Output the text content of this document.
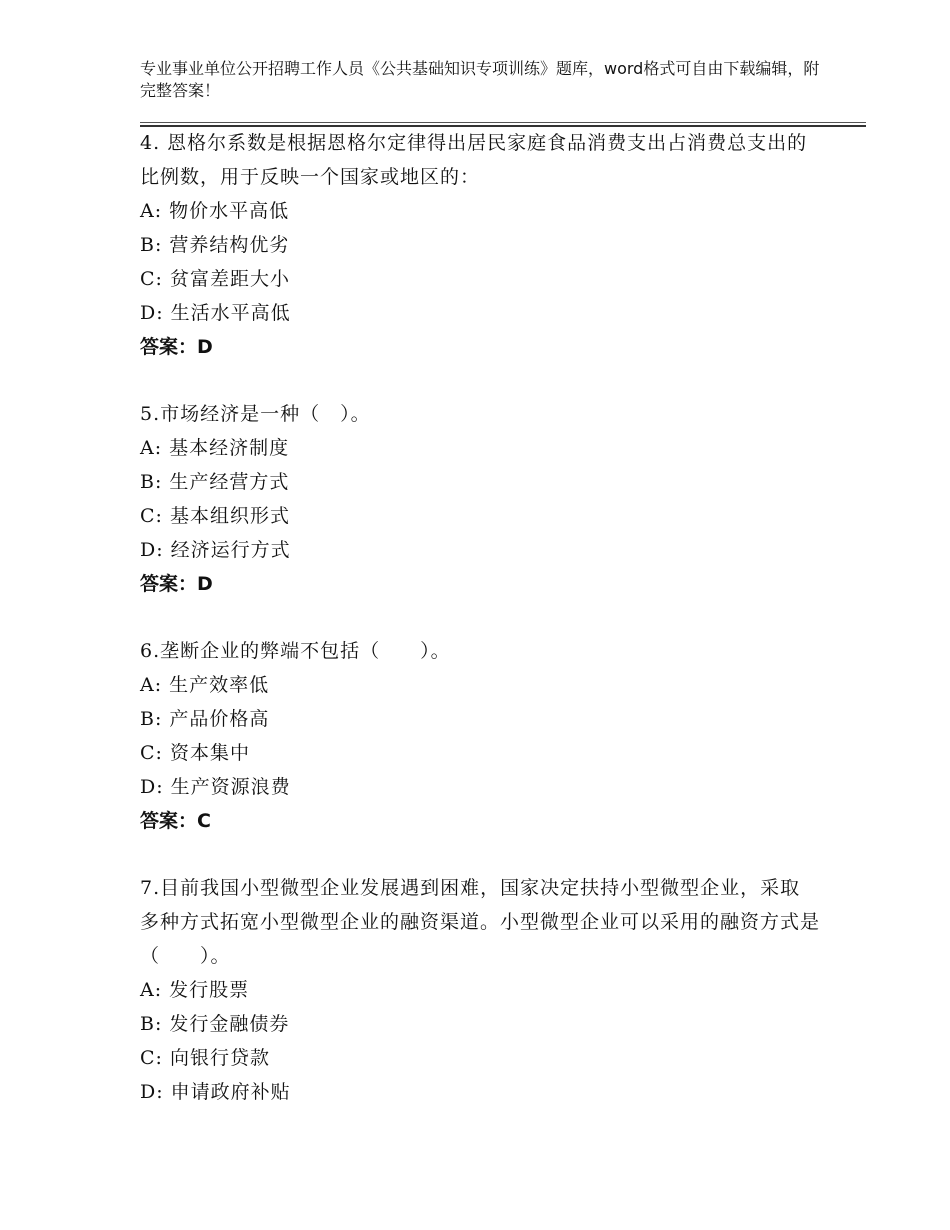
专业事业单位公开招聘工作人员《公共基础知识专项训练》题库，word格式可自由下载编辑，附完整答案！

4. 恩格尔系数是根据恩格尔定律得出居民家庭食品消费支出占消费总支出的比例数，用于反映一个国家或地区的：

A: 物价水平高低

B: 营养结构优劣

C: 贫富差距大小

D: 生活水平高低

答案：D

5.市场经济是一种（　）。

A: 基本经济制度

B: 生产经营方式

C: 基本组织形式

D: 经济运行方式

答案：D

6.垄断企业的弊端不包括（　　）。

A: 生产效率低

B: 产品价格高

C: 资本集中

D: 生产资源浪费

答案：C

7.目前我国小型微型企业发展遇到困难，国家决定扶持小型微型企业，采取多种方式拓宽小型微型企业的融资渠道。小型微型企业可以采用的融资方式是（　　）。

A: 发行股票

B: 发行金融债券

C: 向银行贷款

D: 申请政府补贴
